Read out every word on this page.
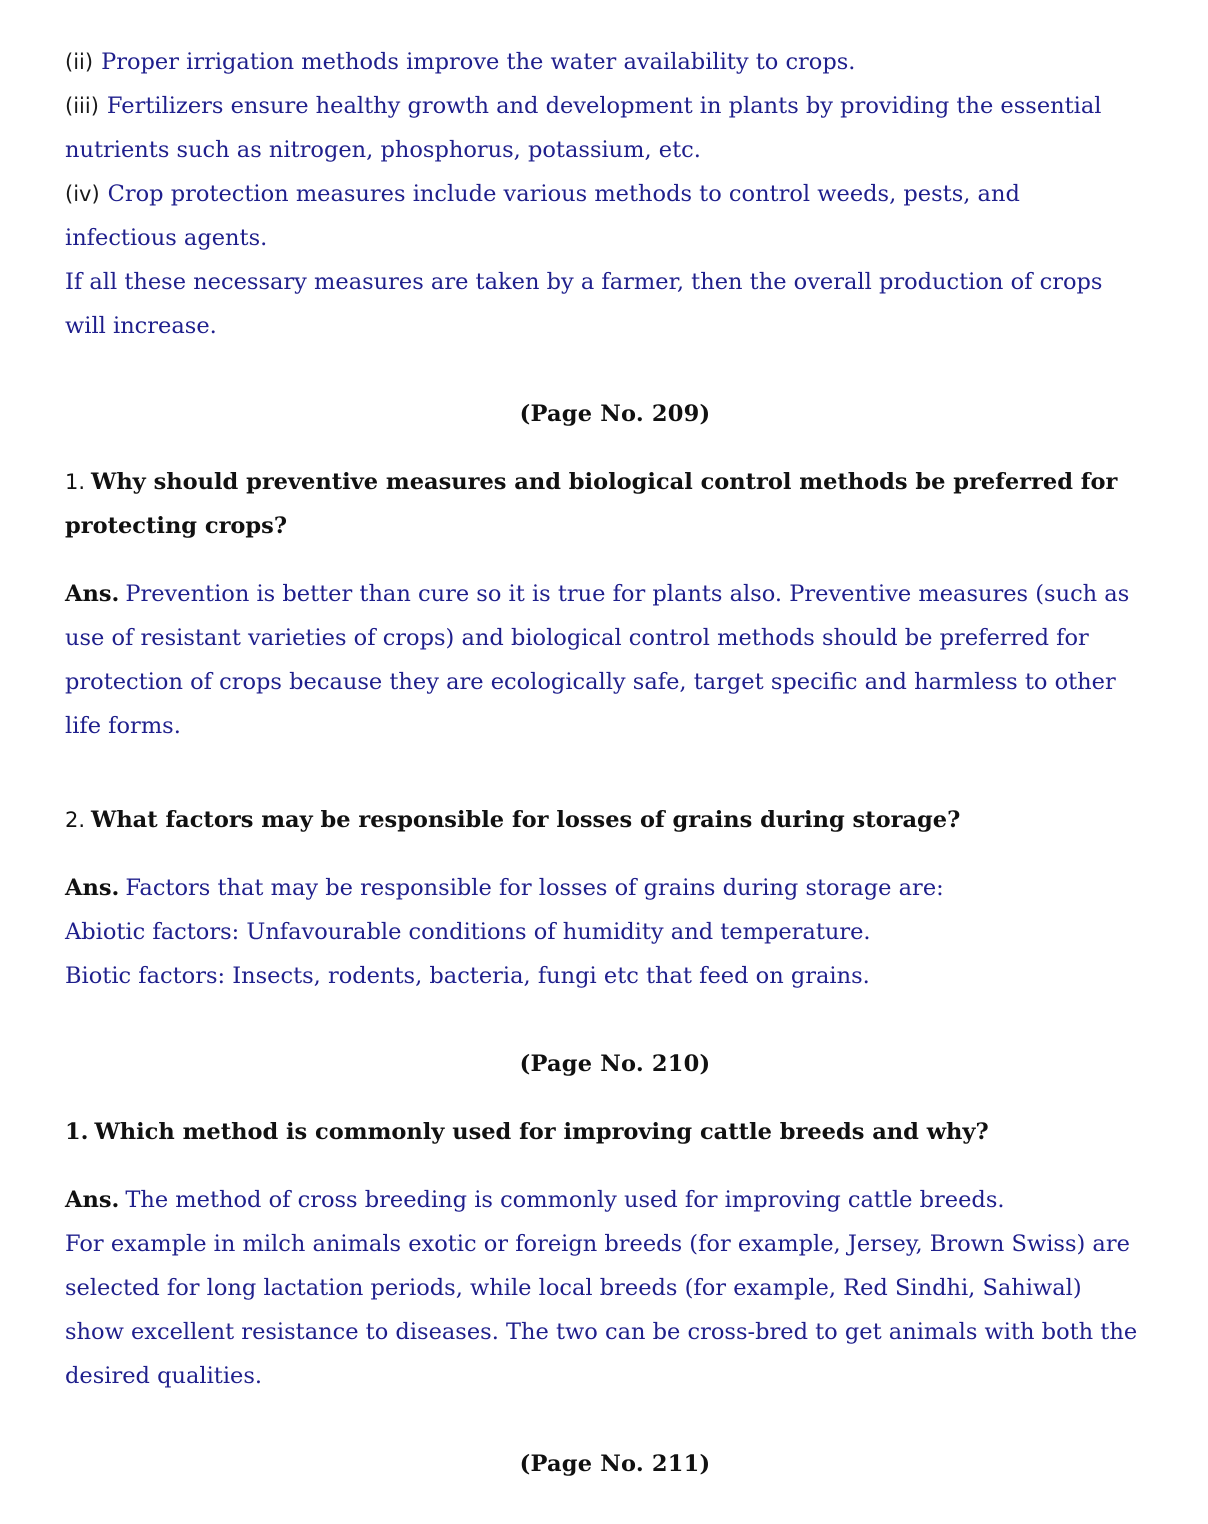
(ii) Proper irrigation methods improve the water availability to crops.
(iii) Fertilizers ensure healthy growth and development in plants by providing the essential
nutrients such as nitrogen, phosphorus, potassium, etc.
(iv) Crop protection measures include various methods to control weeds, pests, and
infectious agents.
If all these necessary measures are taken by a farmer, then the overall production of crops
will increase.
(Page No. 209)
1. Why should preventive measures and biological control methods be preferred for
protecting crops?
Ans. Prevention is better than cure so it is true for plants also. Preventive measures (such as
use of resistant varieties of crops) and biological control methods should be preferred for
protection of crops because they are ecologically safe, target specific and harmless to other
life forms.
2. What factors may be responsible for losses of grains during storage?
Ans. Factors that may be responsible for losses of grains during storage are:
Abiotic factors: Unfavourable conditions of humidity and temperature.
Biotic factors: Insects, rodents, bacteria, fungi etc that feed on grains.
(Page No. 210)
1. Which method is commonly used for improving cattle breeds and why?
Ans. The method of cross breeding is commonly used for improving cattle breeds.
For example in milch animals exotic or foreign breeds (for example, Jersey, Brown Swiss) are
selected for long lactation periods, while local breeds (for example, Red Sindhi, Sahiwal)
show excellent resistance to diseases. The two can be cross-bred to get animals with both the
desired qualities.
(Page No. 211)
